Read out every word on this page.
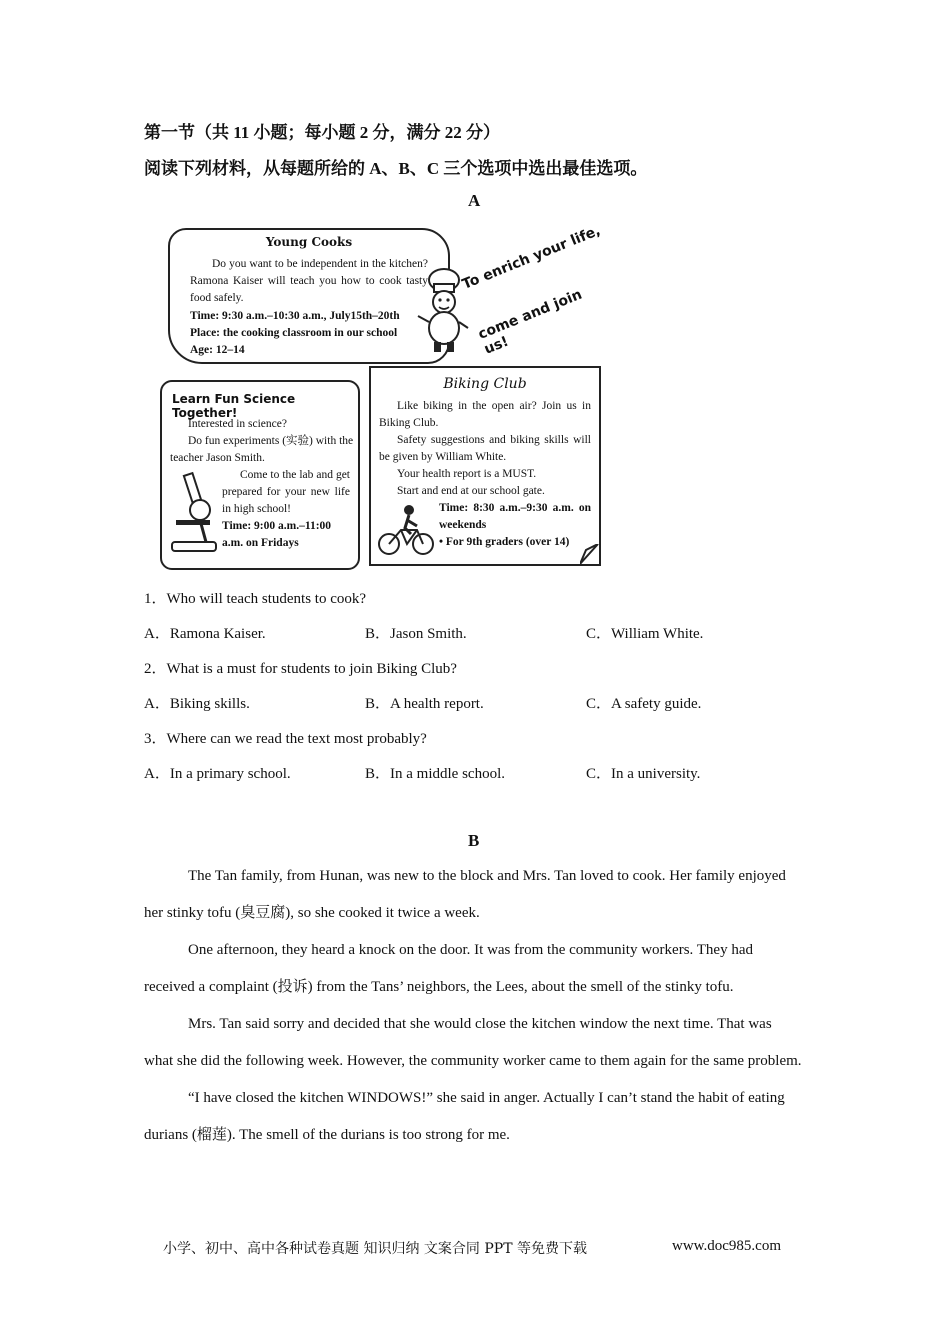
第一节（共 11 小题；每小题 2 分，满分 22 分）
阅读下列材料，从每题所给的 A、B、C 三个选项中选出最佳选项。
A
Young Cooks
Do you want to be independent in the kitchen? Ramona Kaiser will teach you how to cook tasty food safely.
Time: 9:30 a.m.–10:30 a.m., July15th–20th
Place: the cooking classroom in our school
Age: 12–14
To enrich your life,
come and join us!
Learn Fun Science Together!
Interested in science?
Do fun experiments (实验) with the teacher Jason Smith.
Come to the lab and get prepared for your new life in high school!
Time: 9:00 a.m.–11:00 a.m. on Fridays
Biking Club
Like biking in the open air? Join us in Biking Club.
Safety suggestions and biking skills will be given by William White.
Your health report is a MUST.
Start and end at our school gate.
Time: 8:30 a.m.–9:30 a.m. on weekends
• For 9th graders (over 14)
1．Who will teach students to cook?
A．Ramona Kaiser.	B．Jason Smith.	C．William White.
2．What is a must for students to join Biking Club?
A．Biking skills.	B．A health report.	C．A safety guide.
3．Where can we read the text most probably?
A．In a primary school.	B．In a middle school.	C．In a university.
B
The Tan family, from Hunan, was new to the block and Mrs. Tan loved to cook. Her family enjoyed her stinky tofu (臭豆腐), so she cooked it twice a week.
One afternoon, they heard a knock on the door. It was from the community workers. They had received a complaint (投诉) from the Tans’ neighbors, the Lees, about the smell of the stinky tofu.
Mrs. Tan said sorry and decided that she would close the kitchen window the next time. That was what she did the following week. However, the community worker came to them again for the same problem.
“I have closed the kitchen WINDOWS!” she said in anger. Actually I can’t stand the habit of eating durians (榴莲). The smell of the durians is too strong for me.
小学、初中、高中各种试卷真题 知识归纳 文案合同 PPT 等免费下载	www.doc985.com
